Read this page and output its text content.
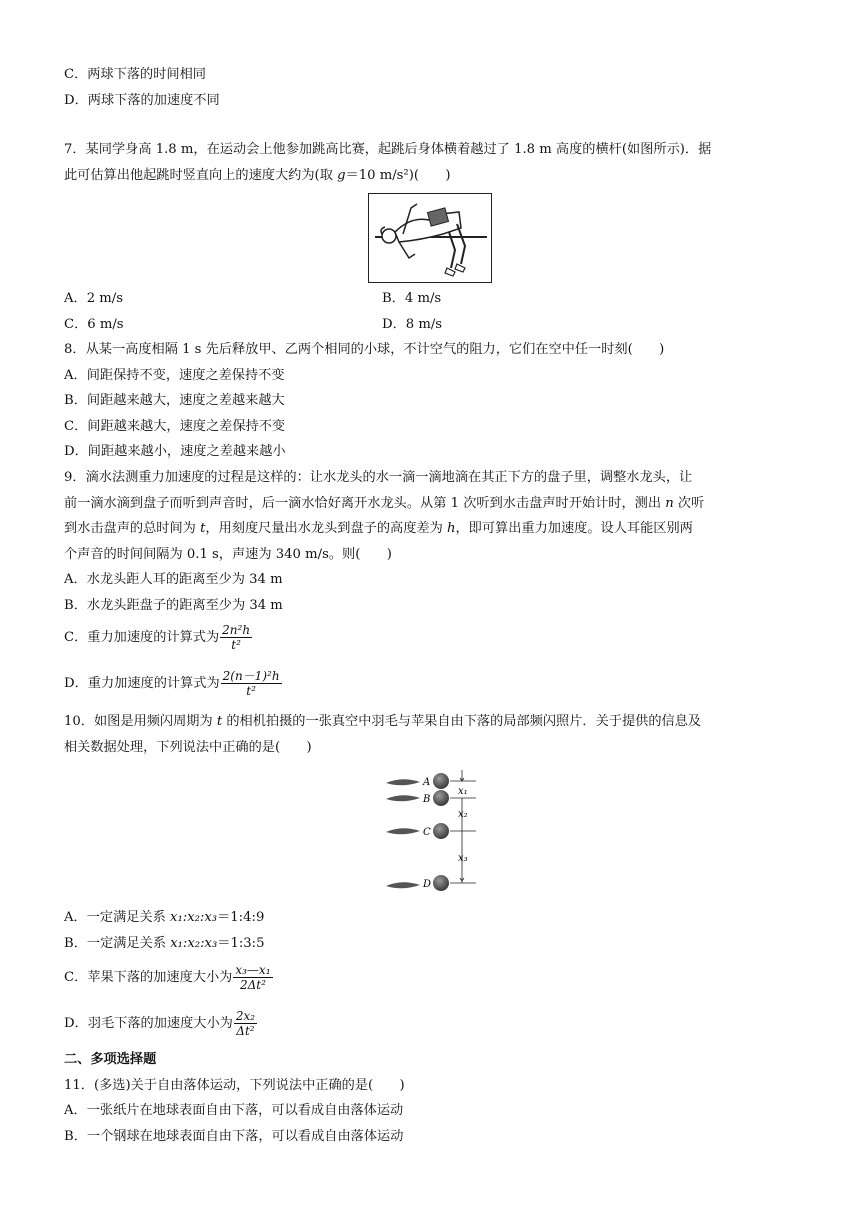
C．两球下落的时间相同
D．两球下落的加速度不同
7．某同学身高 1.8 m，在运动会上他参加跳高比赛，起跳后身体横着越过了 1.8 m 高度的横杆(如图所示)．据
此可估算出他起跳时竖直向上的速度大约为(取 g＝10 m/s²)(　　)
A．2 m/s	B．4 m/s
C．6 m/s	D．8 m/s
8．从某一高度相隔 1 s 先后释放甲、乙两个相同的小球，不计空气的阻力，它们在空中任一时刻(　　)
A．间距保持不变，速度之差保持不变
B．间距越来越大，速度之差越来越大
C．间距越来越大，速度之差保持不变
D．间距越来越小，速度之差越来越小
9．滴水法测重力加速度的过程是这样的：让水龙头的水一滴一滴地滴在其正下方的盘子里，调整水龙头，让
前一滴水滴到盘子而听到声音时，后一滴水恰好离开水龙头。从第 1 次听到水击盘声时开始计时，测出 n 次听
到水击盘声的总时间为 t，用刻度尺量出水龙头到盘子的高度差为 h，即可算出重力加速度。设人耳能区别两
个声音的时间间隔为 0.1 s，声速为 340 m/s。则(　　)
A．水龙头距人耳的距离至少为 34 m
B．水龙头距盘子的距离至少为 34 m
C．重力加速度的计算式为 $\frac{\text{2n²h}}{\text{t²}}$
D．重力加速度的计算式为 $\frac{\text{2(n－1)²h}}{\text{t²}}$
10．如图是用频闪周期为 t 的相机拍摄的一张真空中羽毛与苹果自由下落的局部频闪照片．关于提供的信息及
相关数据处理，下列说法中正确的是(　　)
A
B
C
D
x₁
x₂
x₃
A．一定满足关系 x₁:x₂:x₃＝1:4:9
B．一定满足关系 x₁:x₂:x₃＝1:3:5
C．苹果下落的加速度大小为 $\frac{\text{x₃—x₁}}{\text{2Δt²}}$
D．羽毛下落的加速度大小为 $\frac{\text{2x₂}}{\text{Δt²}}$
二、多项选择题
11．(多选)关于自由落体运动，下列说法中正确的是(　　)
A．一张纸片在地球表面自由下落，可以看成自由落体运动
B．一个钢球在地球表面自由下落，可以看成自由落体运动
